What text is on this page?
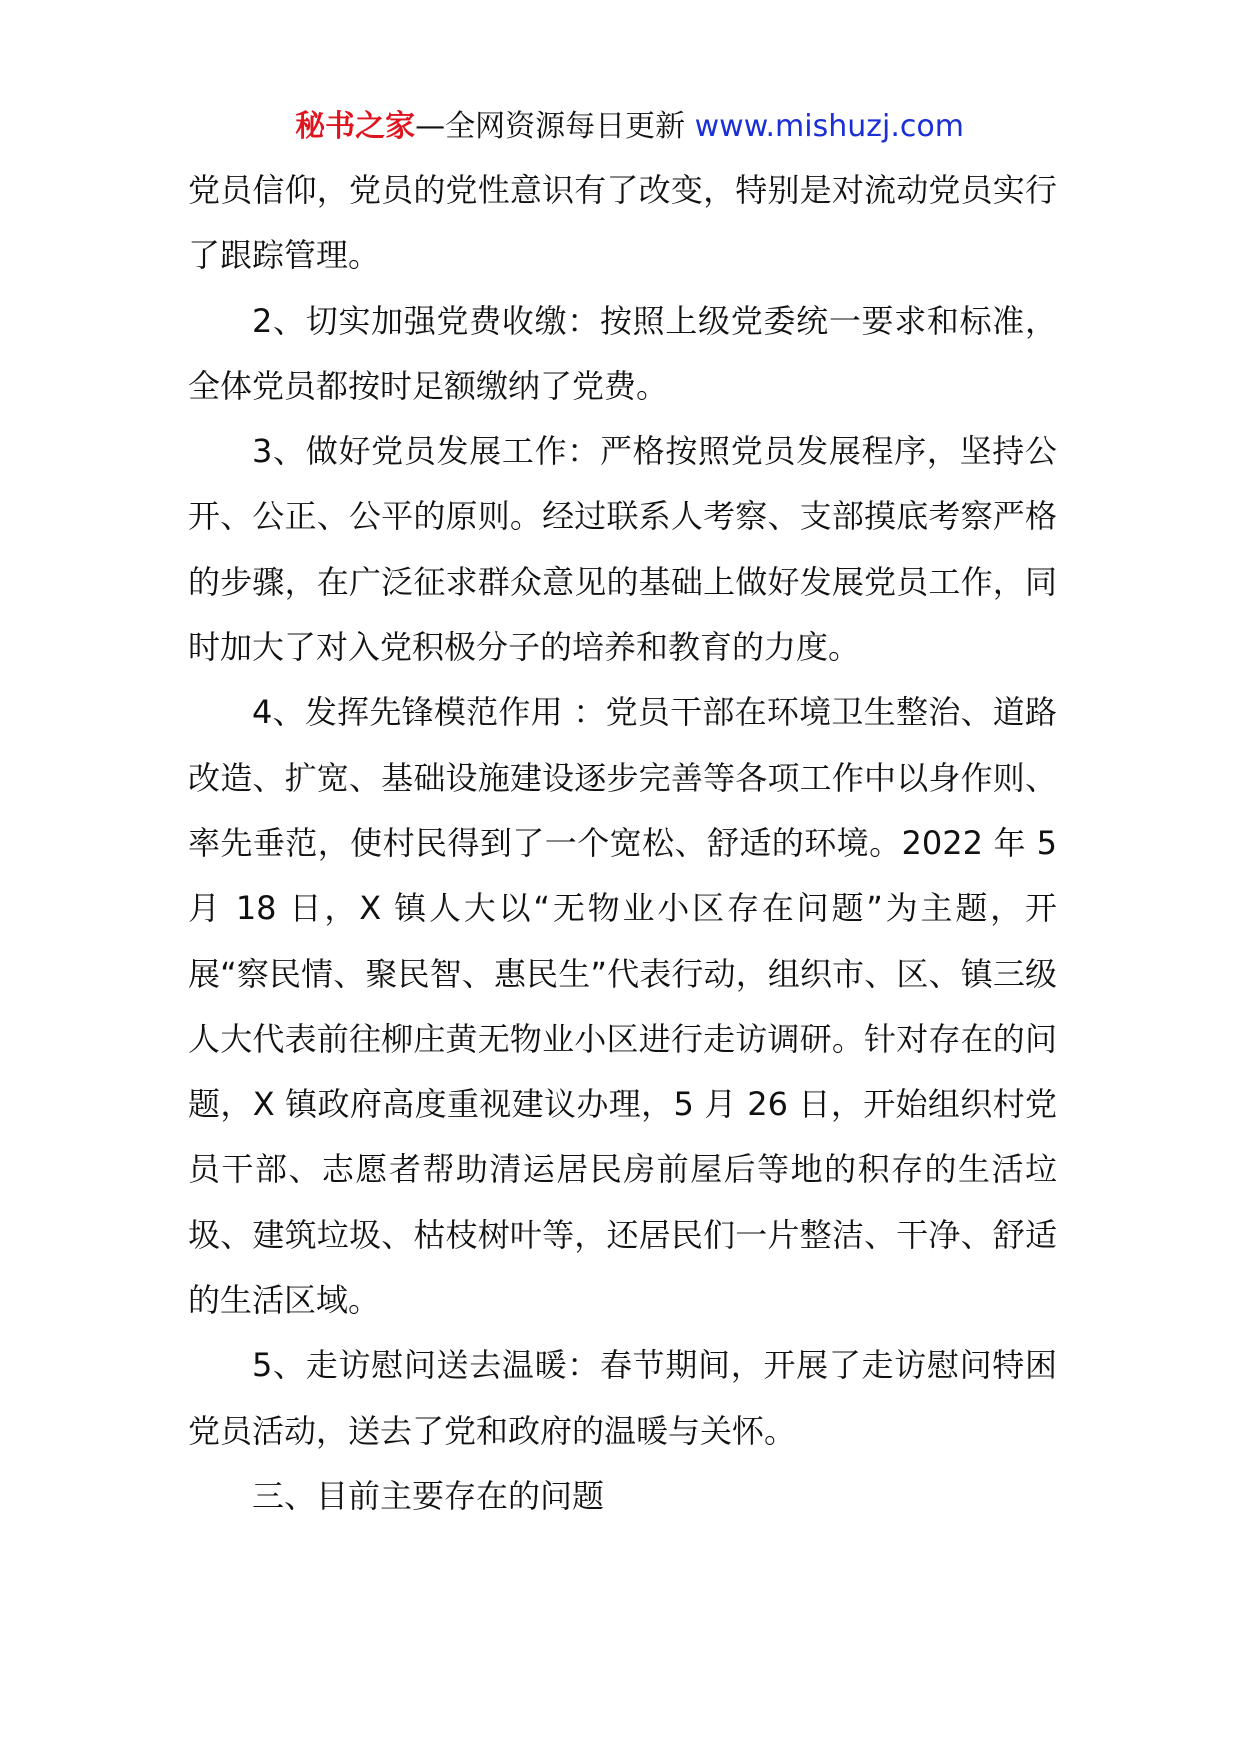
秘书之家—全网资源每日更新 www.mishuzj.com

党员信仰，党员的党性意识有了改变，特别是对流动党员实行了跟踪管理。

2、切实加强党费收缴：按照上级党委统一要求和标准，全体党员都按时足额缴纳了党费。

3、做好党员发展工作：严格按照党员发展程序，坚持公开、公正、公平的原则。经过联系人考察、支部摸底考察严格的步骤，在广泛征求群众意见的基础上做好发展党员工作，同时加大了对入党积极分子的培养和教育的力度。

4、发挥先锋模范作用 ：党员干部在环境卫生整治、道路改造、扩宽、基础设施建设逐步完善等各项工作中以身作则、率先垂范，使村民得到了一个宽松、舒适的环境。2022 年 5 月 18 日，X 镇人大以“无物业小区存在问题”为主题，开展“察民情、聚民智、惠民生”代表行动，组织市、区、镇三级人大代表前往柳庄黄无物业小区进行走访调研。针对存在的问题，X 镇政府高度重视建议办理，5 月 26 日，开始组织村党员干部、志愿者帮助清运居民房前屋后等地的积存的生活垃圾、建筑垃圾、枯枝树叶等，还居民们一片整洁、干净、舒适的生活区域。

5、走访慰问送去温暖：春节期间，开展了走访慰问特困党员活动，送去了党和政府的温暖与关怀。

三、目前主要存在的问题
